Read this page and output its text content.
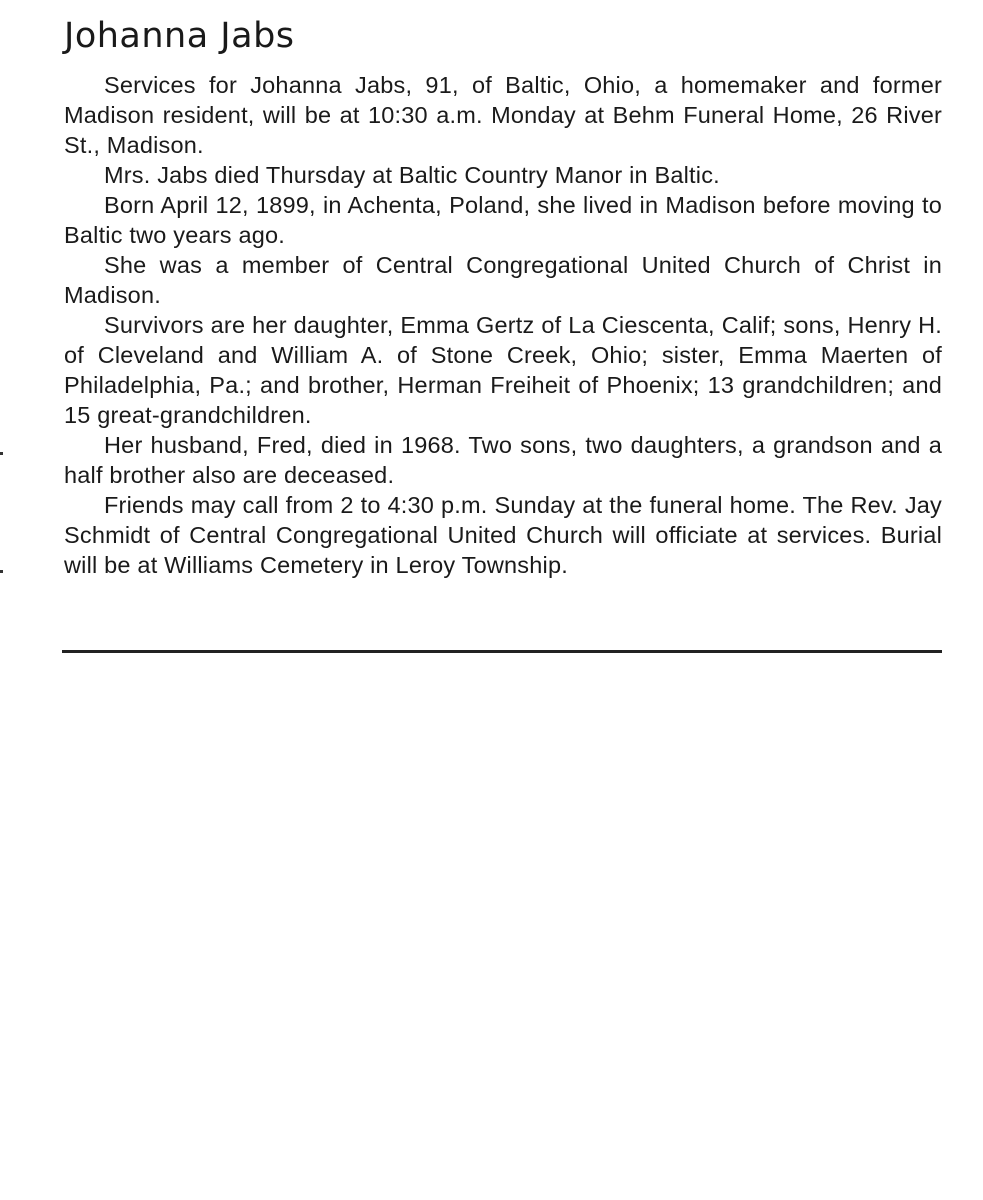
Johanna Jabs

Services for Johanna Jabs, 91, of Baltic, Ohio, a homemaker and former Madison resident, will be at 10:30 a.m. Monday at Behm Funeral Home, 26 River St., Madison.

Mrs. Jabs died Thursday at Baltic Country Manor in Baltic.

Born April 12, 1899, in Achenta, Poland, she lived in Madison before moving to Baltic two years ago.

She was a member of Central Congregational United Church of Christ in Madison.

Survivors are her daughter, Emma Gertz of La Ciescenta, Calif; sons, Henry H. of Cleveland and William A. of Stone Creek, Ohio; sister, Emma Maerten of Philadelphia, Pa.; and brother, Herman Freiheit of Phoenix; 13 grandchildren; and 15 great-grandchildren.

Her husband, Fred, died in 1968. Two sons, two daughters, a grandson and a half brother also are deceased.

Friends may call from 2 to 4:30 p.m. Sunday at the funeral home. The Rev. Jay Schmidt of Central Congregational United Church will officiate at services. Burial will be at Williams Cemetery in Leroy Township.
